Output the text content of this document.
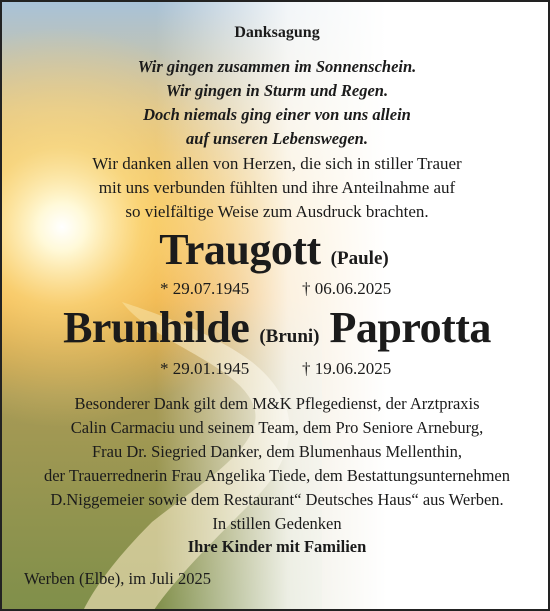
Danksagung
Wir gingen zusammen im Sonnenschein.
Wir gingen in Sturm und Regen.
Doch niemals ging einer von uns allein
auf unseren Lebenswegen.
Wir danken allen von Herzen, die sich in stiller Trauer
mit uns verbunden fühlten und ihre Anteilnahme auf
so vielfältige Weise zum Ausdruck brachten.
Traugott (Paule)
* 29.07.1945	† 06.06.2025
Brunhilde (Bruni) Paprotta
* 29.01.1945	† 19.06.2025
Besonderer Dank gilt dem M&K Pflegedienst, der Arztpraxis
Calin Carmaciu und seinem Team, dem Pro Seniore Arneburg,
Frau Dr. Siegried Danker, dem Blumenhaus Mellenthin,
der Trauerrednerin Frau Angelika Tiede, dem Bestattungsunternehmen
D.Niggemeier sowie dem Restaurant“ Deutsches Haus“ aus Werben.
In stillen Gedenken
Ihre Kinder mit Familien
Werben (Elbe), im Juli 2025
